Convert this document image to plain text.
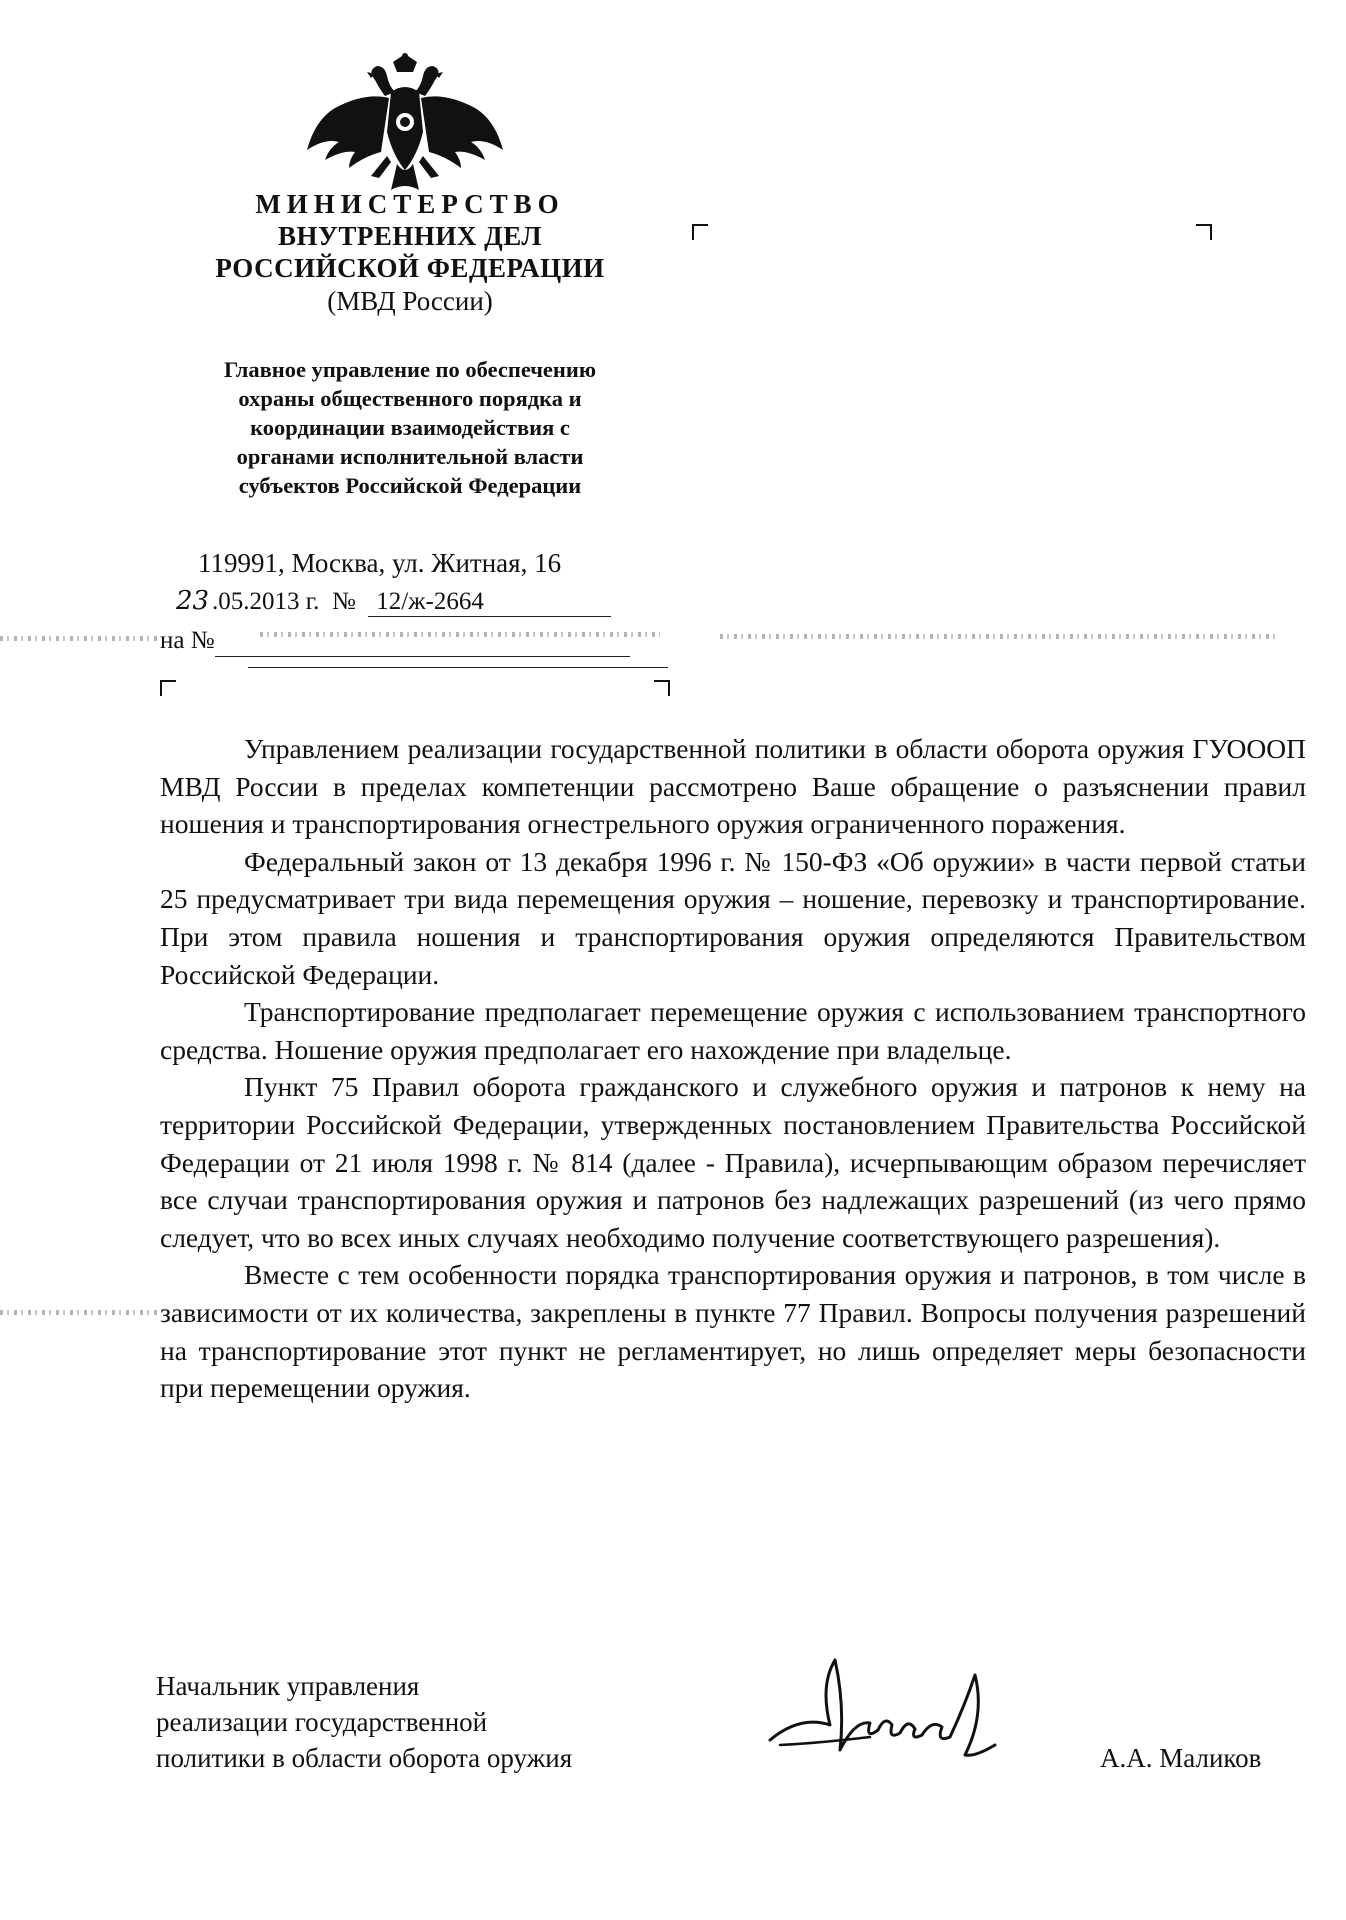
МИНИСТЕРСТВО
ВНУТРЕННИХ ДЕЛ
РОССИЙСКОЙ ФЕДЕРАЦИИ
(МВД России)
Главное управление по обеспечению
охраны общественного порядка и
координации взаимодействия с
органами исполнительной власти
субъектов Российской Федерации
119991, Москва, ул. Житная, 16
23 .05.2013 г. № 12/ж-2664
на №

Управлением реализации государственной политики в области оборота оружия ГУОООП МВД России в пределах компетенции рассмотрено Ваше обращение о разъяснении правил ношения и транспортирования огнестрельного оружия ограниченного поражения.

Федеральный закон от 13 декабря 1996 г. № 150-ФЗ «Об оружии» в части первой статьи 25 предусматривает три вида перемещения оружия – ношение, перевозку и транспортирование. При этом правила ношения и транспортирования оружия определяются Правительством Российской Федерации.

Транспортирование предполагает перемещение оружия с использованием транспортного средства. Ношение оружия предполагает его нахождение при владельце.

Пункт 75 Правил оборота гражданского и служебного оружия и патронов к нему на территории Российской Федерации, утвержденных постановлением Правительства Российской Федерации от 21 июля 1998 г. № 814 (далее - Правила), исчерпывающим образом перечисляет все случаи транспортирования оружия и патронов без надлежащих разрешений (из чего прямо следует, что во всех иных случаях необходимо получение соответствующего разрешения).

Вместе с тем особенности порядка транспортирования оружия и патронов, в том числе в зависимости от их количества, закреплены в пункте 77 Правил. Вопросы получения разрешений на транспортирование этот пункт не регламентирует, но лишь определяет меры безопасности при перемещении оружия.

Начальник управления
реализации государственной
политики в области оборота оружия	А.А. Маликов
